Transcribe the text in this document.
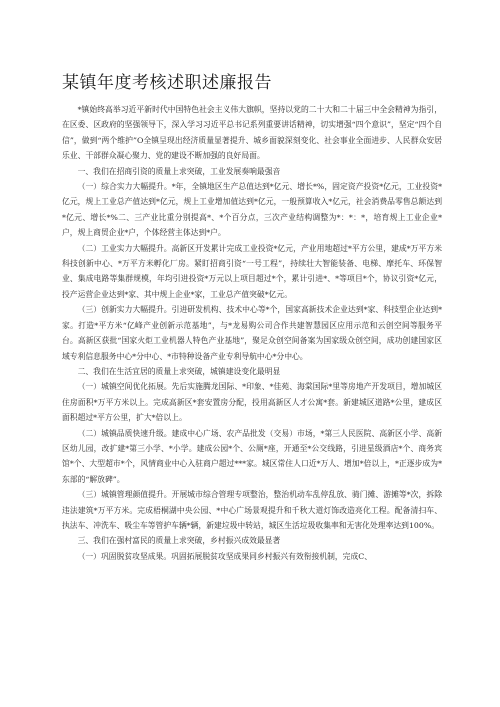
某镇年度考核述职述廉报告

*镇始终高举习近平新时代中国特色社会主义伟大旗帜，坚持以党的二十大和二十届三中全会精神为指引，在区委、区政府的坚强领导下，深入学习习近平总书记系列重要讲话精神，切实增强“四个意识”，坚定“四个自信”，做到“两个维护”O全镇呈现出经济质量显著提升、城乡面貌深刻变化、社会事业全面进步、人民群众安居乐业、干部群众凝心聚力、党的建设不断加强的良好局面。

一、我们在招商引资的质量上求突破，工业发展奏响最强音

（一）综合实力大幅提升。*年，全镇地区生产总值达到*亿元、增长*%，固定资产投资*亿元，工业投资*亿元，规上工业总产值达到*亿元，规上工业增加值达到*亿元，一般预算收入*亿元，社会消费品零售总额达到*亿元、增长*%二、三产业比重分别提高*、*个百分点，三次产业结构调整为*：*：*，培育规上工业企业*户，规上商贸企业*户，个体经营主体达到*户。

（二）工业实力大幅提升。高新区开发累计完成工业投资*亿元，产业用地超过*平方公里，建成*万平方米科技创新中心、*万平方米孵化厂房。紧盯招商引资“一号工程”，持续壮大智能装备、电梯、摩托车、环保智业、集成电路等集群规模，年均引进投资*万元以上项目超过*个，累计引进*、*等项目*个，协议引资*亿元，投产运营企业达到*家、其中规上企业*家，工业总产值突破*亿元。

（三）创新实力大幅提升。引进研发机构、技术中心等*个，国家高新技术企业达到*家、科技型企业达到*家。打造*平方米“亿峰产业创新示范基地”，与*龙易购公司合作共建智慧园区应用示范和云创空间等服务平台。高新区获批“国家火炬工业机器人特色产业基地”，聚足众创空间备案为国家级众创空间，成功创建国家区域专利信息服务中心*分中心、*市特种设备产业专利导航中心*分中心。

二、我们在生活宜居的质量上求突破，城镇建设变化最明显

（一）城镇空间优化拓展。先后实施腾龙国际、*印象、*佳苑、海棠国际*里等房地产开发项目，增加城区住房面积*万平方米以上。完成高新区*套安置房分配，投用高新区人才公寓*套。新建城区道路*公里，建成区面积超过*平方公里，扩大*倍以上。

（二）城镇品质快速升级。建成中心广场、农产品批发（交易）市场，*第三人民医院、高新区小学、高新区幼儿园，改扩建*第三小学、*小学。建成公园*个、公厕*座，开通至*公交线路，引进星级酒店*个、商务宾馆*个、大型超市*个，风情商业中心入驻商户超过***家。城区常住人口近*万人、增加*倍以上，*正逐步成为*东部的“解放碑”。

（三）城镇管理颜值提升。开展城市综合管理专项整治，整治机动车乱停乱放、骑门摊、游摊等*次，拆除违法建筑*万平方米。完成梧桐湖中央公园、*中心广场景观提升和千秋大道灯饰改造亮化工程。配备清扫车、执法车、冲洗车、吸尘车等管护车辆*辆，新建垃圾中转站，城区生活垃圾收集率和无害化处理率达到100%。

三、我们在强村富民的质量上求突破，乡村振兴成效最显著

（一）巩固脱贫攻坚成果。巩固拓展脱贫攻坚成果同乡村振兴有效衔接机制，完成C、
